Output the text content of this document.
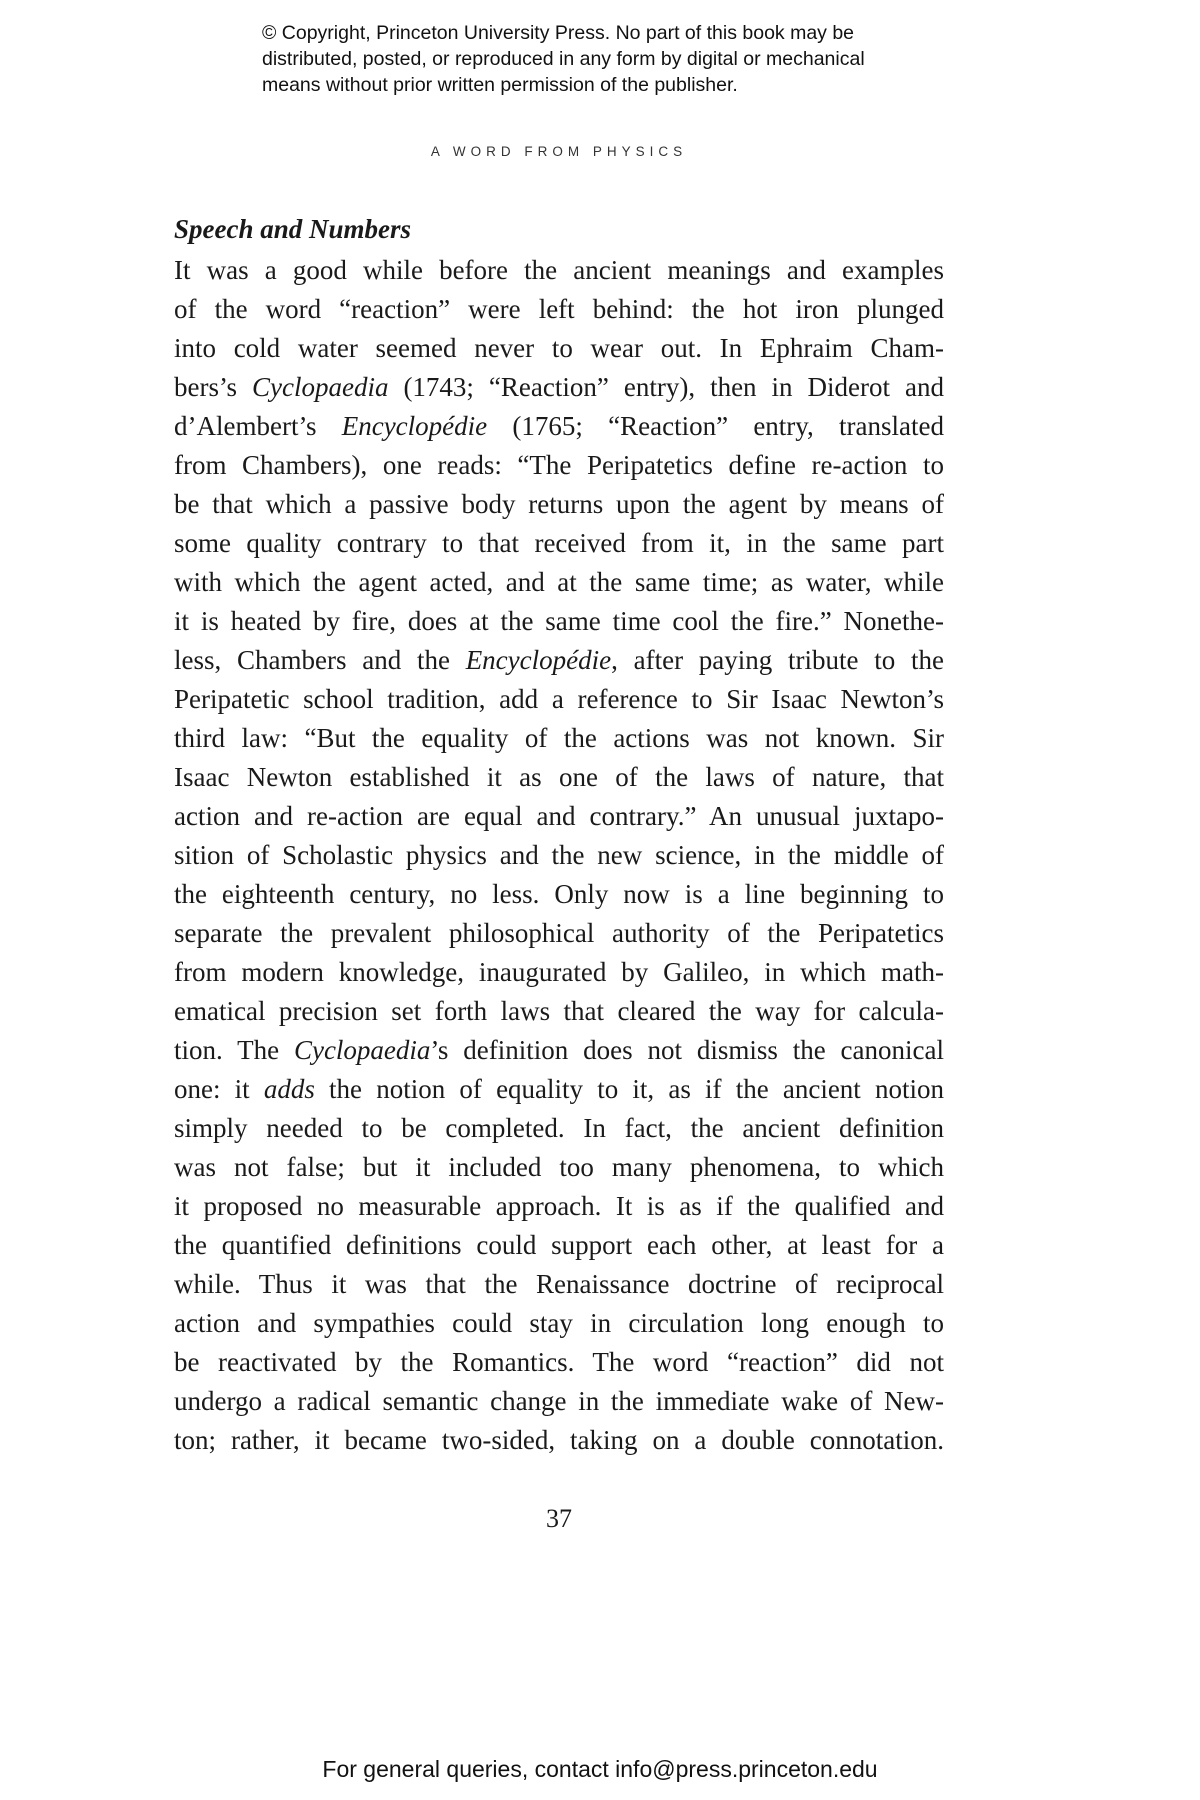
© Copyright, Princeton University Press. No part of this book may be
distributed, posted, or reproduced in any form by digital or mechanical
means without prior written permission of the publisher.
A WORD FROM PHYSICS
Speech and Numbers
It was a good while before the ancient meanings and examples
of the word “reaction” were left behind: the hot iron plunged
into cold water seemed never to wear out. In Ephraim Cham-
bers’s Cyclopaedia (1743; “Reaction” entry), then in Diderot and
d’Alembert’s Encyclopédie (1765; “Reaction” entry, translated
from Chambers), one reads: “The Peripatetics define re-action to
be that which a passive body returns upon the agent by means of
some quality contrary to that received from it, in the same part
with which the agent acted, and at the same time; as water, while
it is heated by fire, does at the same time cool the fire.” Nonethe-
less, Chambers and the Encyclopédie, after paying tribute to the
Peripatetic school tradition, add a reference to Sir Isaac Newton’s
third law: “But the equality of the actions was not known. Sir
Isaac Newton established it as one of the laws of nature, that
action and re-action are equal and contrary.” An unusual juxtapo-
sition of Scholastic physics and the new science, in the middle of
the eighteenth century, no less. Only now is a line beginning to
separate the prevalent philosophical authority of the Peripatetics
from modern knowledge, inaugurated by Galileo, in which math-
ematical precision set forth laws that cleared the way for calcula-
tion. The Cyclopaedia’s definition does not dismiss the canonical
one: it adds the notion of equality to it, as if the ancient notion
simply needed to be completed. In fact, the ancient definition
was not false; but it included too many phenomena, to which
it proposed no measurable approach. It is as if the qualified and
the quantified definitions could support each other, at least for a
while. Thus it was that the Renaissance doctrine of reciprocal
action and sympathies could stay in circulation long enough to
be reactivated by the Romantics. The word “reaction” did not
undergo a radical semantic change in the immediate wake of New-
ton; rather, it became two-sided, taking on a double connotation.
37
For general queries, contact info@press.princeton.edu
